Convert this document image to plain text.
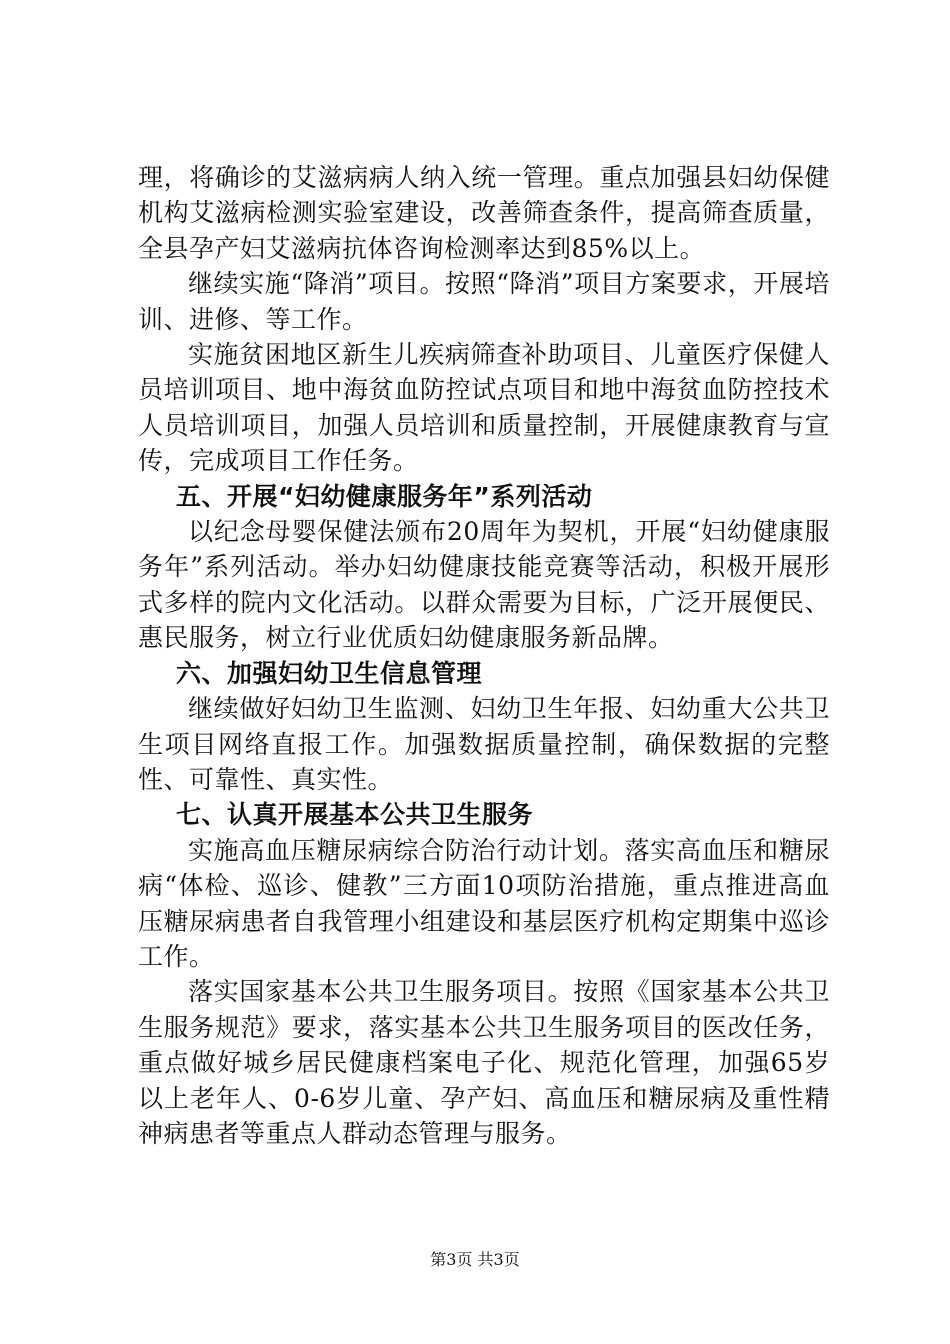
理，将确诊的艾滋病病人纳入统一管理。重点加强县妇幼保健机构艾滋病检测实验室建设，改善筛查条件，提高筛查质量，全县孕产妇艾滋病抗体咨询检测率达到85%以上。

继续实施“降消”项目。按照“降消”项目方案要求，开展培训、进修、等工作。

实施贫困地区新生儿疾病筛查补助项目、儿童医疗保健人员培训项目、地中海贫血防控试点项目和地中海贫血防控技术人员培训项目，加强人员培训和质量控制，开展健康教育与宣传，完成项目工作任务。

五、开展“妇幼健康服务年”系列活动

以纪念母婴保健法颁布20周年为契机，开展“妇幼健康服务年”系列活动。举办妇幼健康技能竞赛等活动，积极开展形式多样的院内文化活动。以群众需要为目标，广泛开展便民、惠民服务，树立行业优质妇幼健康服务新品牌。

六、加强妇幼卫生信息管理

继续做好妇幼卫生监测、妇幼卫生年报、妇幼重大公共卫生项目网络直报工作。加强数据质量控制，确保数据的完整性、可靠性、真实性。

七、认真开展基本公共卫生服务

实施高血压糖尿病综合防治行动计划。落实高血压和糖尿病“体检、巡诊、健教”三方面10项防治措施，重点推进高血压糖尿病患者自我管理小组建设和基层医疗机构定期集中巡诊工作。

落实国家基本公共卫生服务项目。按照《国家基本公共卫生服务规范》要求，落实基本公共卫生服务项目的医改任务，重点做好城乡居民健康档案电子化、规范化管理，加强65岁以上老年人、0-6岁儿童、孕产妇、高血压和糖尿病及重性精神病患者等重点人群动态管理与服务。

第3页 共3页
